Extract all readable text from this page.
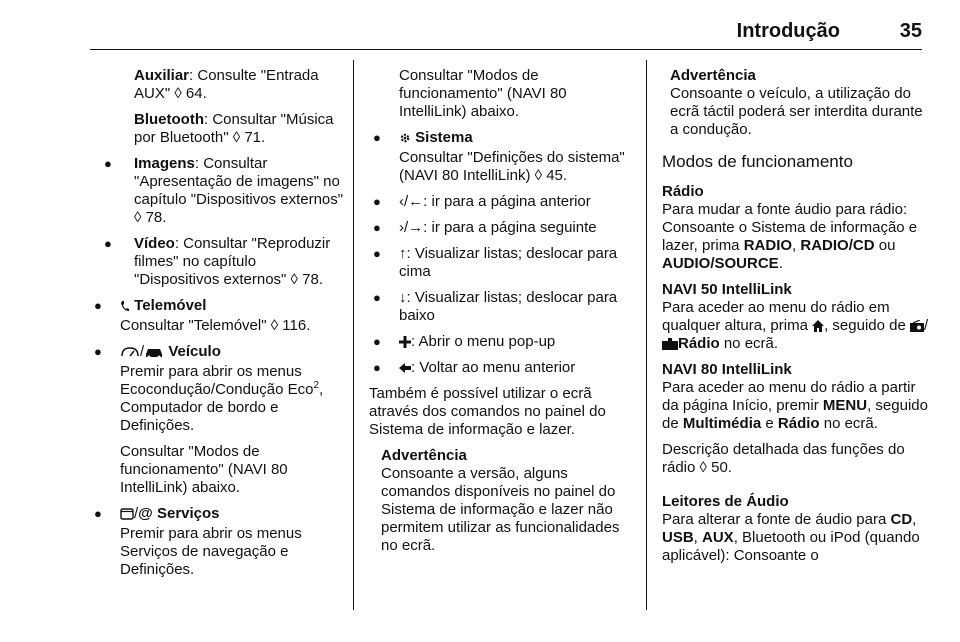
Introdução	35

Auxiliar: Consulte "Entrada AUX" ◊ 64.

Bluetooth: Consultar "Música por Bluetooth" ◊ 71.

● Imagens: Consultar "Apresentação de imagens" no capítulo "Dispositivos externos" ◊ 78.

● Vídeo: Consultar "Reproduzir filmes" no capítulo "Dispositivos externos" ◊ 78.

● Telemóvel

Consultar "Telemóvel" ◊ 116.

●	/ Veículo

Premir para abrir os menus Ecocondução/Condução Eco$^2$, Computador de bordo e Definições.

Consultar "Modos de funcionamento" (NAVI 80 IntelliLink) abaixo.

● /@ Serviços

Premir para abrir os menus Serviços de navegação e Definições.

Consultar "Modos de funcionamento" (NAVI 80 IntelliLink) abaixo.

● Sistema

Consultar "Definições do sistema" (NAVI 80 IntelliLink) ◊ 45.

● ‹/←: ir para a página anterior

● ›/→: ir para a página seguinte

● ↑: Visualizar listas; deslocar para cima

● ↓: Visualizar listas; deslocar para baixo

● : Abrir o menu pop-up

● : Voltar ao menu anterior

Também é possível utilizar o ecrã através dos comandos no painel do Sistema de informação e lazer.

Advertência

Consoante a versão, alguns comandos disponíveis no painel do Sistema de informação e lazer não permitem utilizar as funcionalidades no ecrã.

Advertência

Consoante o veículo, a utilização do ecrã táctil poderá ser interdita durante a condução.

Modos de funcionamento
Rádio

Para mudar a fonte áudio para rádio: Consoante o Sistema de informação e lazer, prima RADIO, RADIO/CD ou AUDIO/SOURCE.

NAVI 50 IntelliLink

Para aceder ao menu do rádio em qualquer altura, prima , seguido de /Rádio no ecrã.

NAVI 80 IntelliLink

Para aceder ao menu do rádio a partir da página Início, premir MENU, seguido de Multimédia e Rádio no ecrã.

Descrição detalhada das funções do rádio ◊ 50.

Leitores de Áudio

Para alterar a fonte de áudio para CD, USB, AUX, Bluetooth ou iPod (quando aplicável): Consoante o
